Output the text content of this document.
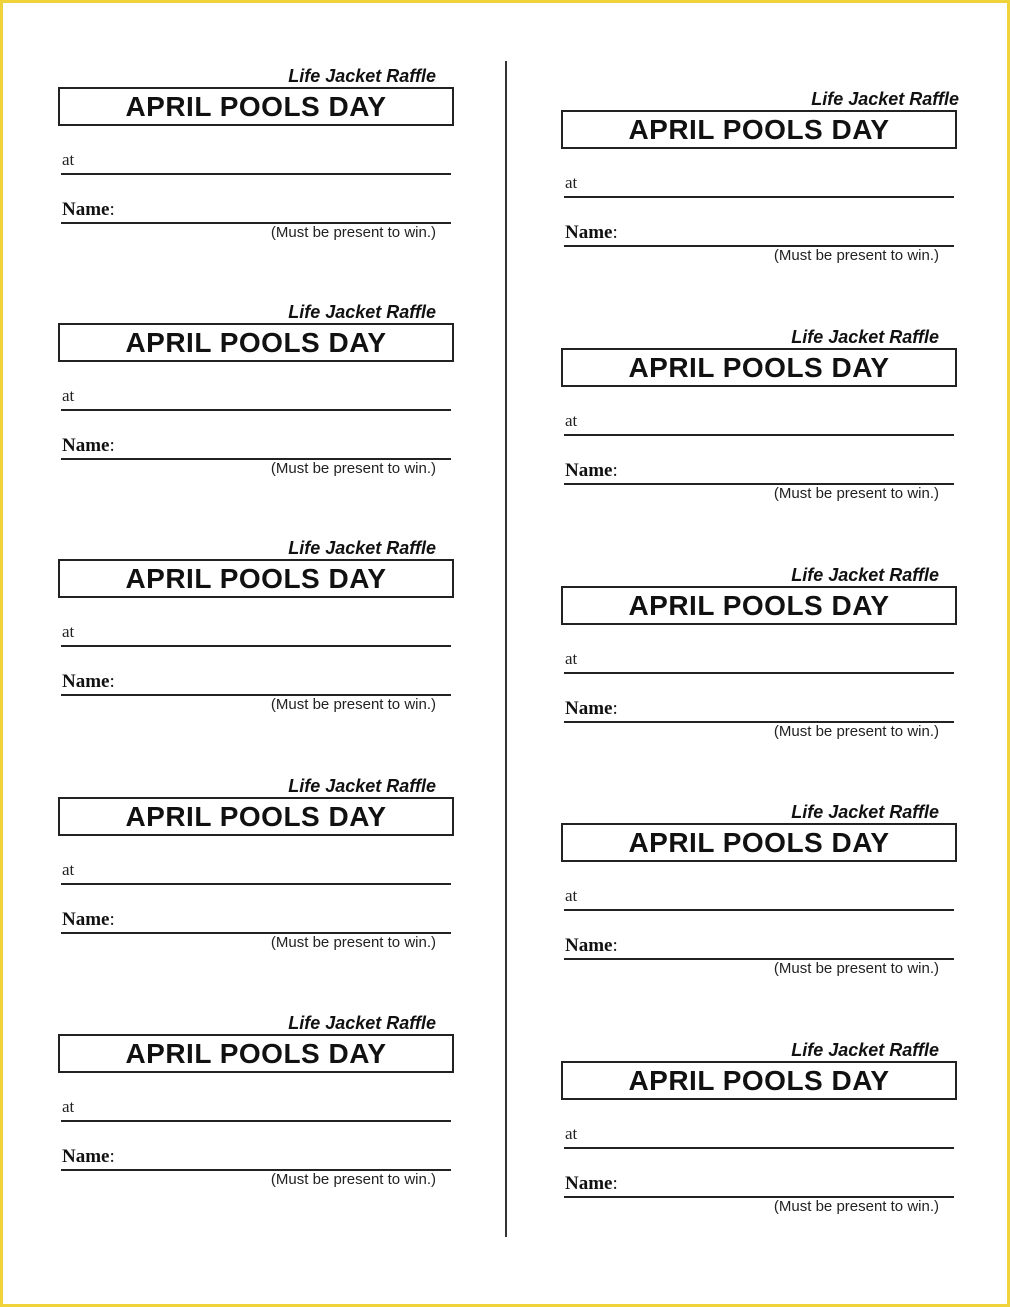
Life Jacket Raffle
APRIL POOLS DAY
at
Name:
(Must be present to win.)
Life Jacket Raffle
APRIL POOLS DAY
at
Name:
(Must be present to win.)
Life Jacket Raffle
APRIL POOLS DAY
at
Name:
(Must be present to win.)
Life Jacket Raffle
APRIL POOLS DAY
at
Name:
(Must be present to win.)
Life Jacket Raffle
APRIL POOLS DAY
at
Name:
(Must be present to win.)
Life Jacket Raffle
APRIL POOLS DAY
at
Name:
(Must be present to win.)
Life Jacket Raffle
APRIL POOLS DAY
at
Name:
(Must be present to win.)
Life Jacket Raffle
APRIL POOLS DAY
at
Name:
(Must be present to win.)
Life Jacket Raffle
APRIL POOLS DAY
at
Name:
(Must be present to win.)
Life Jacket Raffle
APRIL POOLS DAY
at
Name:
(Must be present to win.)
